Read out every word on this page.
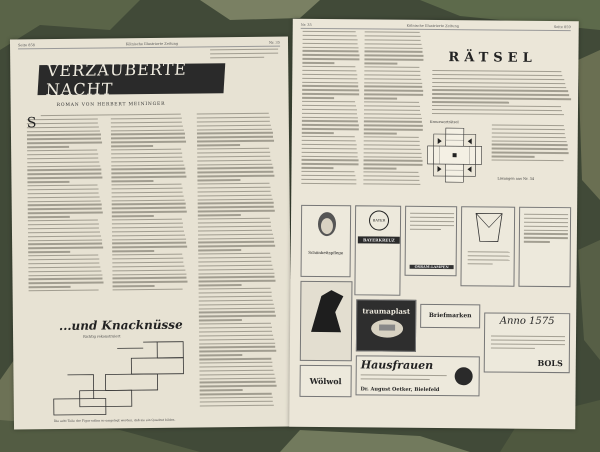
Seite 858	Kölnische Illustrierte Zeitung	Nr. 35
VERZAUBERTE NACHT
ROMAN VON HERBERT MEININGER
S
...und Knacknüsse
Richtig rekonstruiert
Die acht Teile der Figur sollen so umgelegt werden, daß sie ein Quadrat bilden.
Nr. 35	Kölnische Illustrierte Zeitung	Seite 859
RÄTSEL
Kreuzworträtsel
Lösungen aus Nr. 34
Schönheitspflege
BAYER
BAYERKREUZ
OSRAM-LAMPEN
traumaplast	Briefmarken	Anno 1575
BOLS
Hausfrauen
Dr. August Oetker, Bielefeld
Wölwol
